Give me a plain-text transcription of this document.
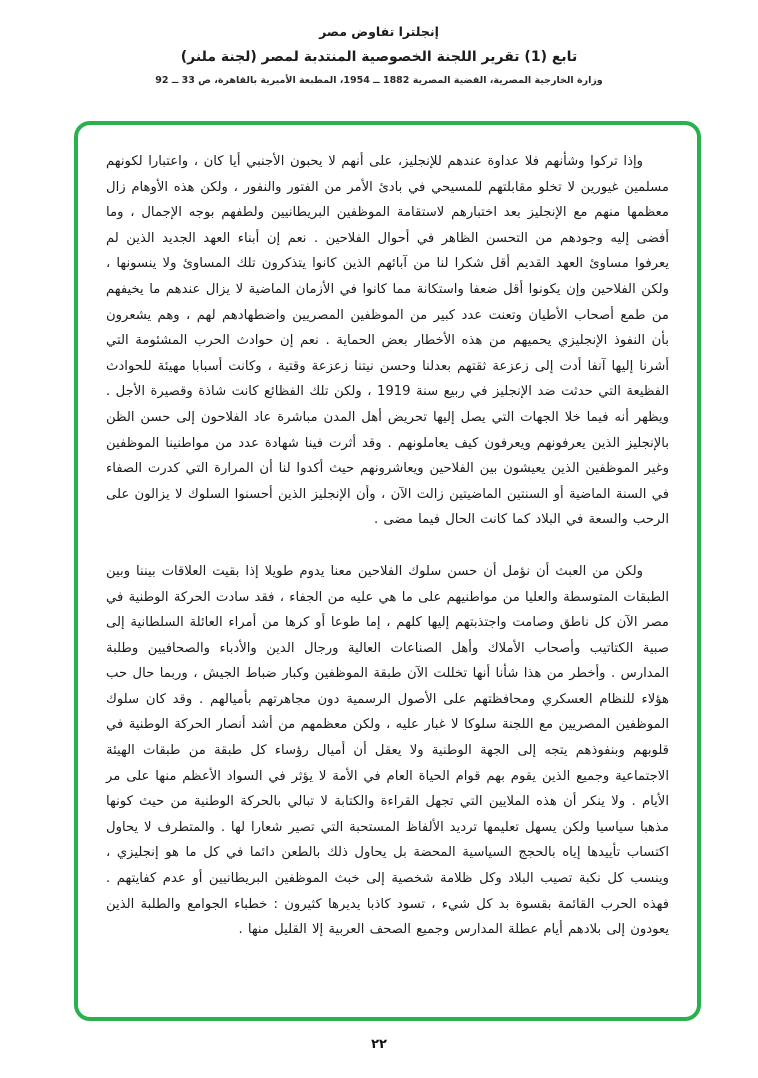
إنجلترا تفاوض مصر
تابع (1) تقرير اللجنة الخصوصية المنتدبة لمصر (لجنة ملنر)
وزارة الخارجية المصرية، القضية المصرية 1882 ــ 1954، المطبعة الأميرية بالقاهرة، ص 33 ــ 92

وإذا تركوا وشأنهم فلا عداوة عندهم للإنجليز، على أنهم لا يحبون الأجنبي أيا كان ، واعتبارا لكونهم مسلمين غيورين لا تخلو مقابلتهم للمسيحي في بادئ الأمر من الفتور والنفور ، ولكن هذه الأوهام زال معظمها منهم مع الإنجليز بعد اختبارهم لاستقامة الموظفين البريطانيين ولطفهم بوجه الإجمال ، وما أفضى إليه وجودهم من التحسن الظاهر في أحوال الفلاحين . نعم إن أبناء العهد الجديد الذين لم يعرفوا مساوئ العهد القديم أقل شكرا لنا من آبائهم الذين كانوا يتذكرون تلك المساوئ ولا ينسونها ، ولكن الفلاحين وإن يكونوا أقل ضعفا واستكانة مما كانوا في الأزمان الماضية لا يزال عندهم ما يخيفهم من طمع أصحاب الأطيان وتعنت عدد كبير من الموظفين المصريين واضطهادهم لهم ، وهم يشعرون بأن النفوذ الإنجليزي يحميهم من هذه الأخطار بعض الحماية . نعم إن حوادث الحرب المشئومة التي أشرنا إليها آنفا أدت إلى زعزعة ثقتهم بعدلنا وحسن نيتنا زعزعة وقتية ، وكانت أسبابا مهيئة للحوادث الفظيعة التي حدثت ضد الإنجليز في ربيع سنة 1919 ، ولكن تلك الفظائع كانت شاذة وقصيرة الأجل . ويظهر أنه فيما خلا الجهات التي يصل إليها تحريض أهل المدن مباشرة عاد الفلاحون إلى حسن الظن بالإنجليز الذين يعرفونهم ويعرفون كيف يعاملونهم . وقد أثرت فينا شهادة عدد من مواطنينا الموظفين وغير الموظفين الذين يعيشون بين الفلاحين ويعاشرونهم حيث أكدوا لنا أن المرارة التي كدرت الصفاء في السنة الماضية أو السنتين الماضيتين زالت الآن ، وأن الإنجليز الذين أحسنوا السلوك لا يزالون على الرحب والسعة في البلاد كما كانت الحال فيما مضى .

ولكن من العبث أن نؤمل أن حسن سلوك الفلاحين معنا يدوم طويلا إذا بقيت العلاقات بيننا وبين الطبقات المتوسطة والعليا من مواطنيهم على ما هي عليه من الجفاء ، فقد سادت الحركة الوطنية في مصر الآن كل ناطق وصامت واجتذبتهم إليها كلهم ، إما طوعا أو كرها من أمراء العائلة السلطانية إلى صبية الكتاتيب وأصحاب الأملاك وأهل الصناعات العالية ورجال الدين والأدباء والصحافيين وطلبة المدارس . وأخطر من هذا شأنا أنها تخللت الآن طبقة الموظفين وكبار ضباط الجيش ، وربما حال حب هؤلاء للنظام العسكري ومحافظتهم على الأصول الرسمية دون مجاهرتهم بأميالهم . وقد كان سلوك الموظفين المصريين مع اللجنة سلوكا لا غبار عليه ، ولكن معظمهم من أشد أنصار الحركة الوطنية في قلوبهم وبنفوذهم يتجه إلى الجهة الوطنية ولا يعقل أن أميال رؤساء كل طبقة من طبقات الهيئة الاجتماعية وجميع الذين يقوم بهم قوام الحياة العام في الأمة لا يؤثر في السواد الأعظم منها على مر الأيام . ولا ينكر أن هذه الملايين التي تجهل القراءة والكتابة لا تبالي بالحركة الوطنية من حيث كونها مذهبا سياسيا ولكن يسهل تعليمها ترديد الألفاظ المستحبة التي تصير شعارا لها . والمتطرف لا يحاول اكتساب تأييدها إياه بالحجج السياسية المحضة بل يحاول ذلك بالطعن دائما في كل ما هو إنجليزي ، وينسب كل نكبة تصيب البلاد وكل ظلامة شخصية إلى خبث الموظفين البريطانيين أو عدم كفايتهم . فهذه الحرب القائمة بقسوة بد كل شيء ، تسود كاذبا يديرها كثيرون : خطباء الجوامع والطلبة الذين يعودون إلى بلادهم أيام عطلة المدارس وجميع الصحف العربية إلا القليل منها .

٢٢
